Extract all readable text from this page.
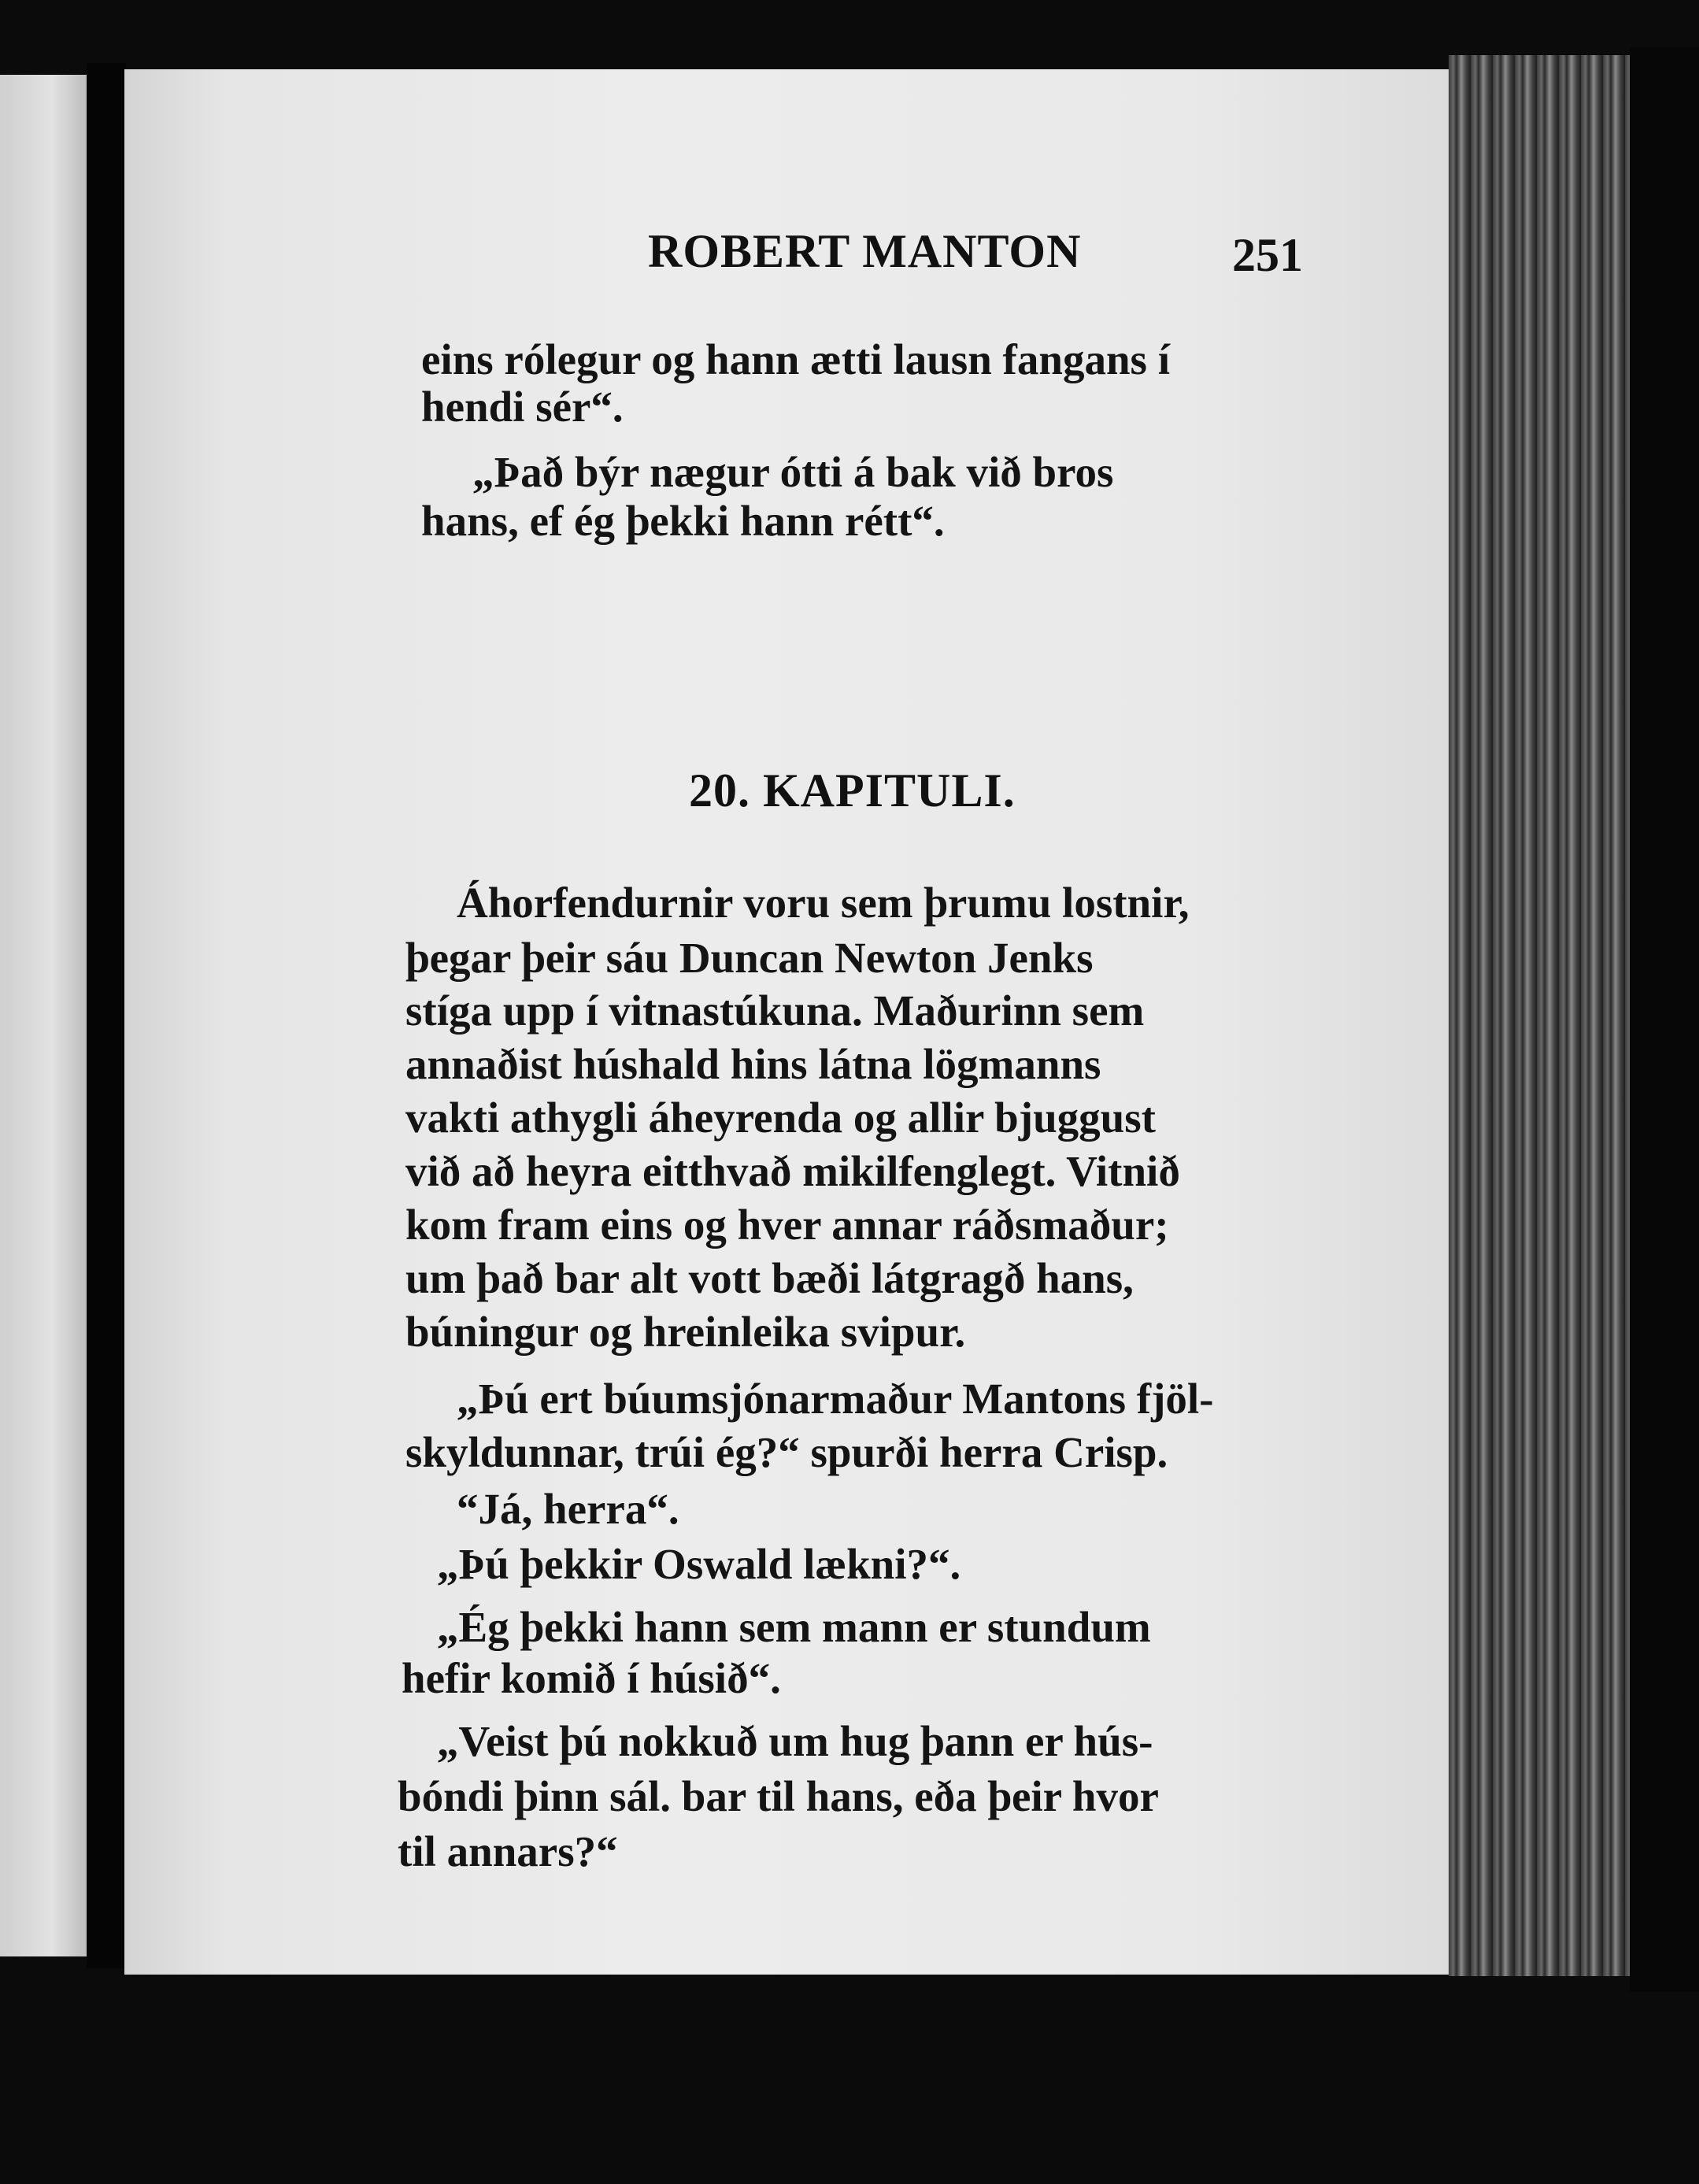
ROBERT MANTON	251
eins rólegur og hann ætti lausn fangans í
hendi sér“.
„Það býr nægur ótti á bak við bros
hans, ef ég þekki hann rétt“.
20. KAPITULI.
Áhorfendurnir voru sem þrumu lostnir,
þegar þeir sáu Duncan Newton Jenks
stíga upp í vitnastúkuna. Maðurinn sem
annaðist húshald hins látna lögmanns
vakti athygli áheyrenda og allir bjuggust
við að heyra eitthvað mikilfenglegt. Vitnið
kom fram eins og hver annar ráðsmaður;
um það bar alt vott bæði látgragð hans,
búningur og hreinleika svipur.
„Þú ert búumsjónarmaður Mantons fjöl-
skyldunnar, trúi ég?“ spurði herra Crisp.
“Já, herra“.
„Þú þekkir Oswald lækni?“.
„Ég þekki hann sem mann er stundum
hefir komið í húsið“.
„Veist þú nokkuð um hug þann er hús-
bóndi þinn sál. bar til hans, eða þeir hvor
til annars?“
